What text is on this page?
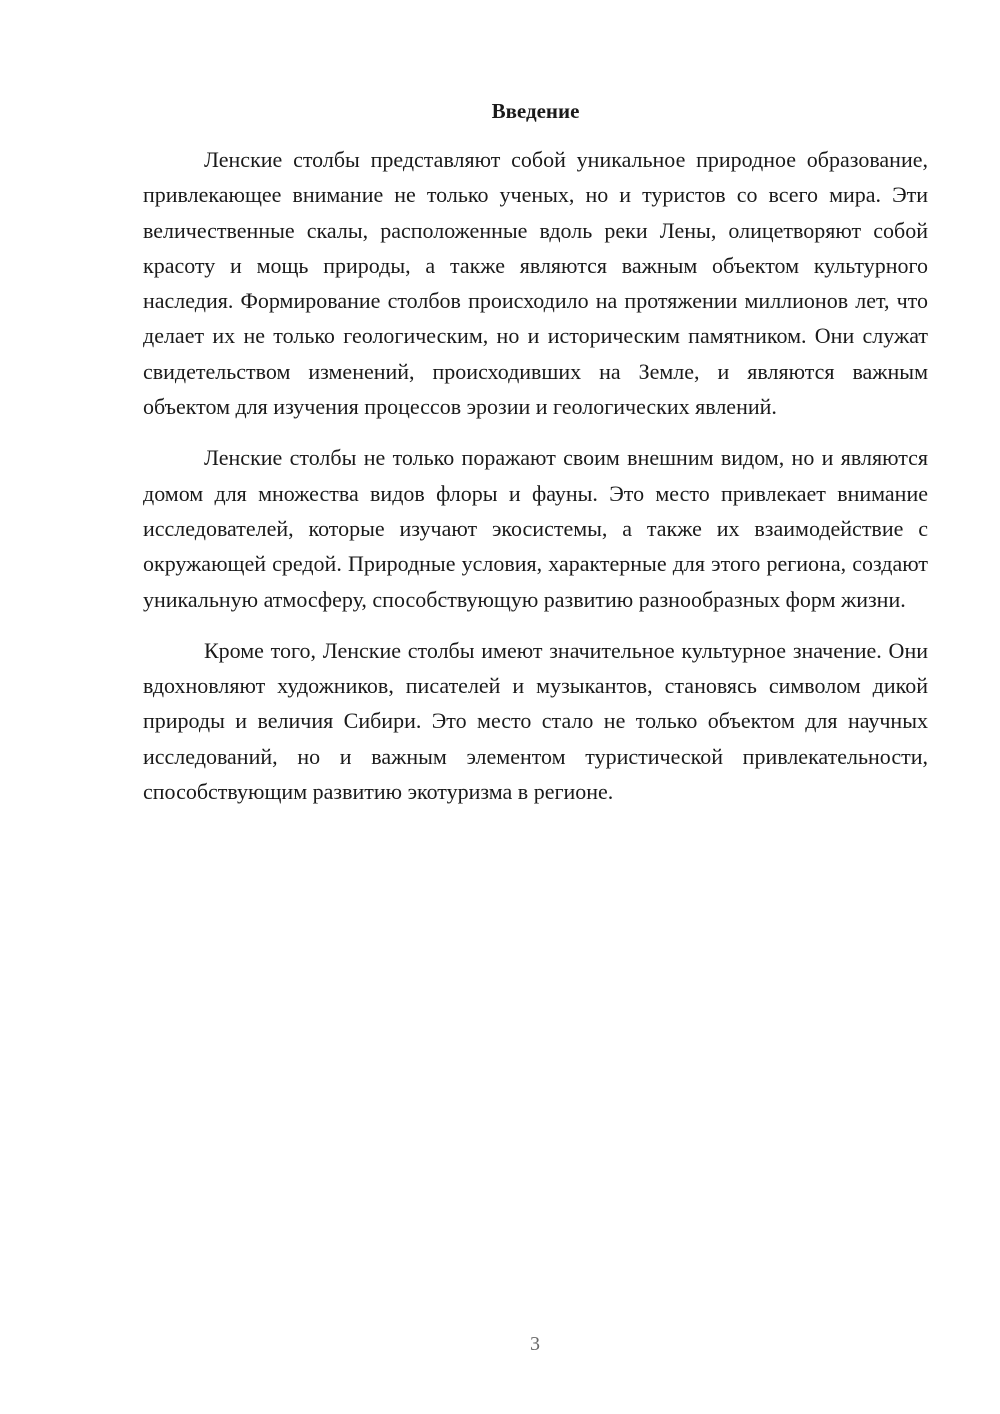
Введение

Ленские столбы представляют собой уникальное природное образование, привлекающее внимание не только ученых, но и туристов со всего мира. Эти величественные скалы, расположенные вдоль реки Лены, олицетворяют собой красоту и мощь природы, а также являются важным объектом культурного наследия. Формирование столбов происходило на протяжении миллионов лет, что делает их не только геологическим, но и историческим памятником. Они служат свидетельством изменений, происходивших на Земле, и являются важным объектом для изучения процессов эрозии и геологических явлений.

Ленские столбы не только поражают своим внешним видом, но и являются домом для множества видов флоры и фауны. Это место привлекает внимание исследователей, которые изучают экосистемы, а также их взаимодействие с окружающей средой. Природные условия, характерные для этого региона, создают уникальную атмосферу, способствующую развитию разнообразных форм жизни.

Кроме того, Ленские столбы имеют значительное культурное значение. Они вдохновляют художников, писателей и музыкантов, становясь символом дикой природы и величия Сибири. Это место стало не только объектом для научных исследований, но и важным элементом туристической привлекательности, способствующим развитию экотуризма в регионе.

3
